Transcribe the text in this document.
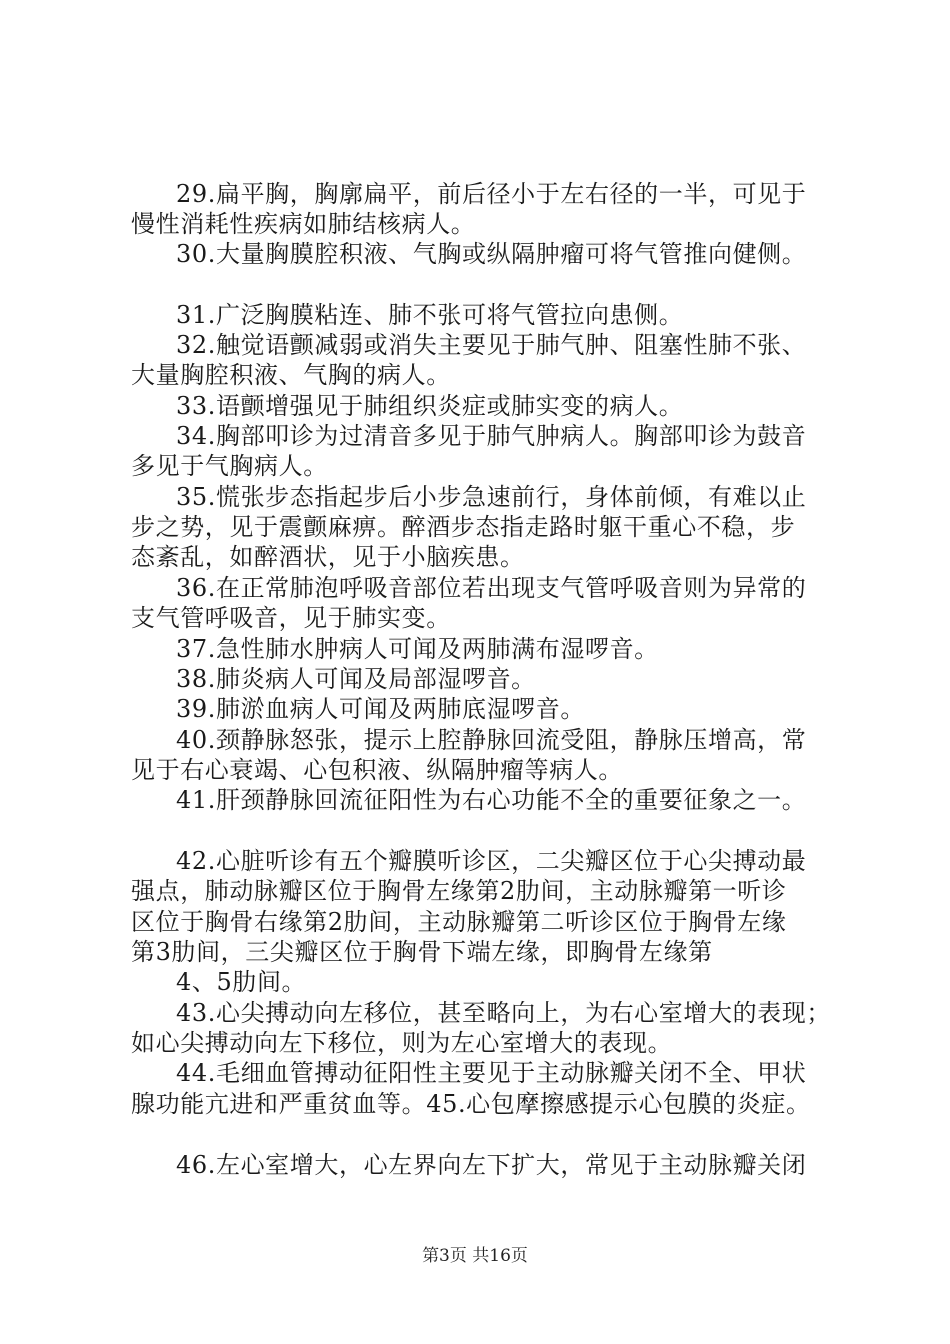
29.扁平胸，胸廓扁平，前后径小于左右径的一半，可见于
慢性消耗性疾病如肺结核病人。
30.大量胸膜腔积液、气胸或纵隔肿瘤可将气管推向健侧。
31.广泛胸膜粘连、肺不张可将气管拉向患侧。
32.触觉语颤减弱或消失主要见于肺气肿、阻塞性肺不张、
大量胸腔积液、气胸的病人。
33.语颤增强见于肺组织炎症或肺实变的病人。
34.胸部叩诊为过清音多见于肺气肿病人。胸部叩诊为鼓音
多见于气胸病人。
35.慌张步态指起步后小步急速前行，身体前倾，有难以止
步之势，见于震颤麻痹。醉酒步态指走路时躯干重心不稳，步
态紊乱，如醉酒状，见于小脑疾患。
36.在正常肺泡呼吸音部位若出现支气管呼吸音则为异常的
支气管呼吸音，见于肺实变。
37.急性肺水肿病人可闻及两肺满布湿啰音。
38.肺炎病人可闻及局部湿啰音。
39.肺淤血病人可闻及两肺底湿啰音。
40.颈静脉怒张，提示上腔静脉回流受阻，静脉压增高，常
见于右心衰竭、心包积液、纵隔肿瘤等病人。
41.肝颈静脉回流征阳性为右心功能不全的重要征象之一。
42.心脏听诊有五个瓣膜听诊区，二尖瓣区位于心尖搏动最
强点，肺动脉瓣区位于胸骨左缘第2肋间，主动脉瓣第一听诊
区位于胸骨右缘第2肋间，主动脉瓣第二听诊区位于胸骨左缘
第3肋间，三尖瓣区位于胸骨下端左缘，即胸骨左缘第
4、5肋间。
43.心尖搏动向左移位，甚至略向上，为右心室增大的表现；
如心尖搏动向左下移位，则为左心室增大的表现。
44.毛细血管搏动征阳性主要见于主动脉瓣关闭不全、甲状
腺功能亢进和严重贫血等。45.心包摩擦感提示心包膜的炎症。
46.左心室增大，心左界向左下扩大，常见于主动脉瓣关闭
第3页 共16页
